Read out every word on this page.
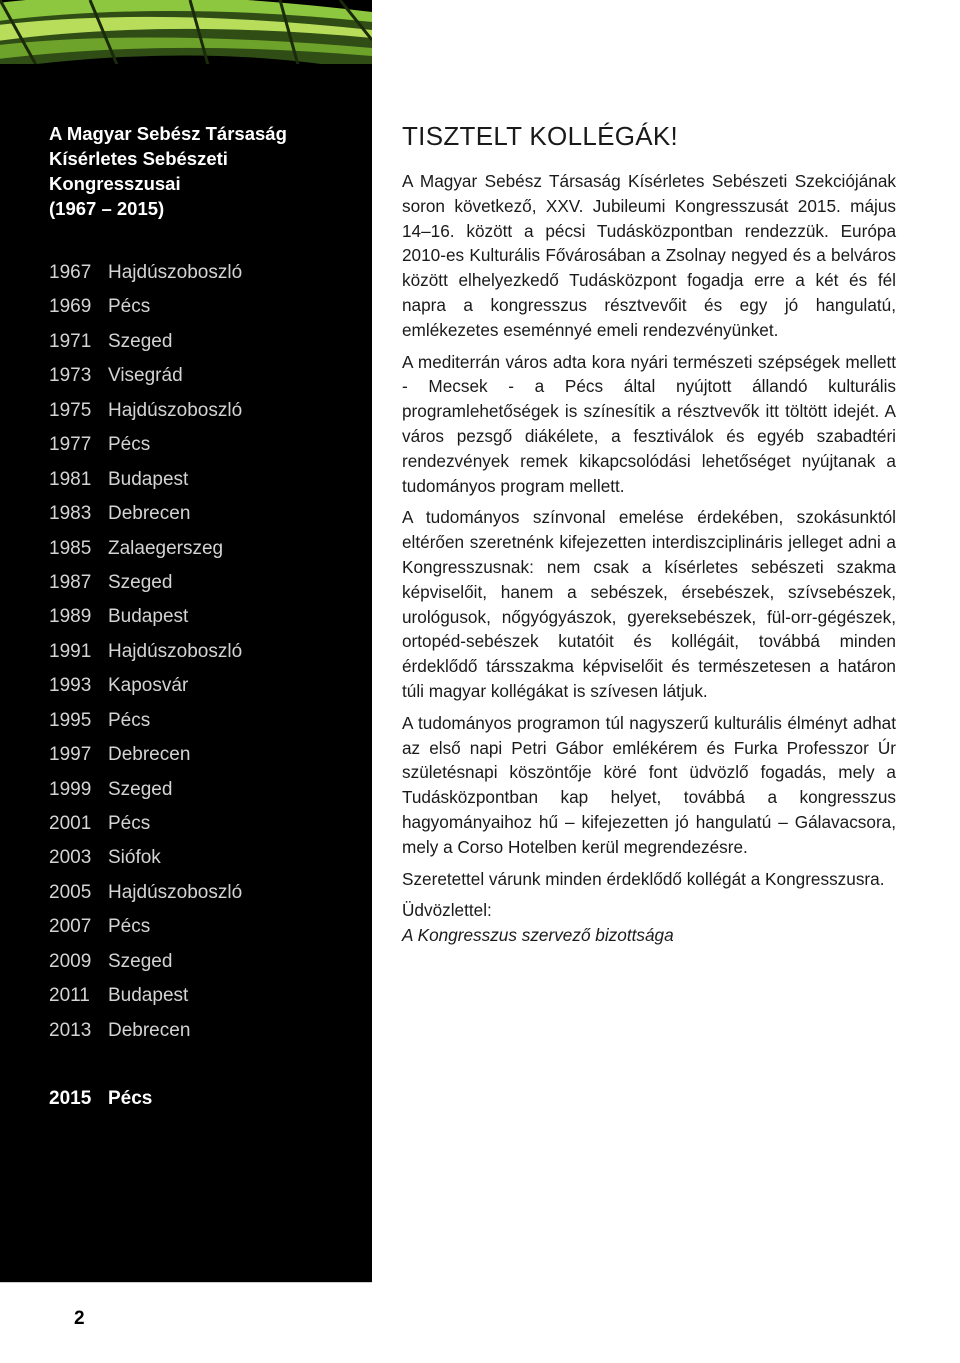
A Magyar Sebész Társaság
Kísérletes Sebészeti
Kongresszusai
(1967 – 2015)
1967 Hajdúszoboszló
1969 Pécs
1971 Szeged
1973 Visegrád
1975 Hajdúszoboszló
1977 Pécs
1981 Budapest
1983 Debrecen
1985 Zalaegerszeg
1987 Szeged
1989 Budapest
1991 Hajdúszoboszló
1993 Kaposvár
1995 Pécs
1997 Debrecen
1999 Szeged
2001 Pécs
2003 Siófok
2005 Hajdúszoboszló
2007 Pécs
2009 Szeged
2011 Budapest
2013 Debrecen
2015 Pécs
2
TISZTELT KOLLÉGÁK!

A Magyar Sebész Társaság Kísérletes Sebészeti Szekciójának soron következő, XXV. Jubileumi Kongresszusát 2015. május 14–16. között a pécsi Tudásközpontban rendezzük. Európa 2010-es Kulturális Fővárosában a Zsolnay negyed és a belváros között elhelyezkedő Tudásközpont fogadja erre a két és fél napra a kongresszus résztvevőit és egy jó hangulatú, emlékezetes eseménnyé emeli rendezvényünket.

A mediterrán város adta kora nyári természeti szépségek mellett - Mecsek - a Pécs által nyújtott állandó kulturális programlehetőségek is színesítik a résztvevők itt töltött idejét. A város pezsgő diákélete, a fesztiválok és egyéb szabadtéri rendezvények remek kikapcsolódási lehetőséget nyújtanak a tudományos program mellett.

A tudományos színvonal emelése érdekében, szokásunktól eltérően szeretnénk kifejezetten interdiszciplináris jelleget adni a Kongresszusnak: nem csak a kísérletes sebészeti szakma képviselőit, hanem a sebészek, érsebészek, szívsebészek, urológusok, nőgyógyászok, gyereksebészek, fül-orr-gégészek, ortopéd-sebészek kutatóit és kollégáit, továbbá minden érdeklődő társszakma képviselőit és természetesen a határon túli magyar kollégákat is szívesen látjuk.

A tudományos programon túl nagyszerű kulturális élményt adhat az első napi Petri Gábor emlékérem és Furka Professzor Úr születésnapi köszöntője köré font üdvözlő fogadás, mely a Tudásközpontban kap helyet, továbbá a kongresszus hagyományaihoz hű – kifejezetten jó hangulatú – Gálavacsora, mely a Corso Hotelben kerül megrendezésre.

Szeretettel várunk minden érdeklődő kollégát a Kongresszusra.

Üdvözlettel:

A Kongresszus szervező bizottsága
